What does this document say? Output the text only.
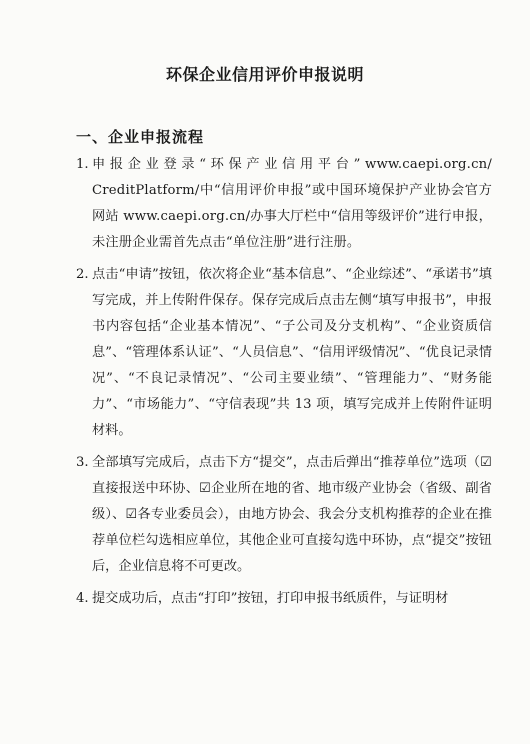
环保企业信用评价申报说明
一、企业申报流程
1. 申 报 企 业 登 录 “ 环 保 产 业 信 用 平 台 ” www.caepi.org.cn/CreditPlatform/中“信用评价申报”或中国环境保护产业协会官方网站 www.caepi.org.cn/办事大厅栏中“信用等级评价”进行申报，未注册企业需首先点击“单位注册”进行注册。
2. 点击“申请”按钮，依次将企业“基本信息”、“企业综述”、“承诺书”填写完成，并上传附件保存。保存完成后点击左侧“填写申报书”，申报书内容包括“企业基本情况”、“子公司及分支机构”、“企业资质信息”、“管理体系认证”、“人员信息”、“信用评级情况”、“优良记录情况”、“不良记录情况”、“公司主要业绩”、“管理能力”、“财务能力”、“市场能力”、“守信表现”共 13 项，填写完成并上传附件证明材料。
3. 全部填写完成后，点击下方“提交”，点击后弹出“推荐单位”选项（☑直接报送中环协、☑企业所在地的省、地市级产业协会（省级、副省级）、☑各专业委员会），由地方协会、我会分支机构推荐的企业在推荐单位栏勾选相应单位，其他企业可直接勾选中环协，点“提交”按钮后，企业信息将不可更改。
4. 提交成功后，点击“打印”按钮，打印申报书纸质件，与证明材
